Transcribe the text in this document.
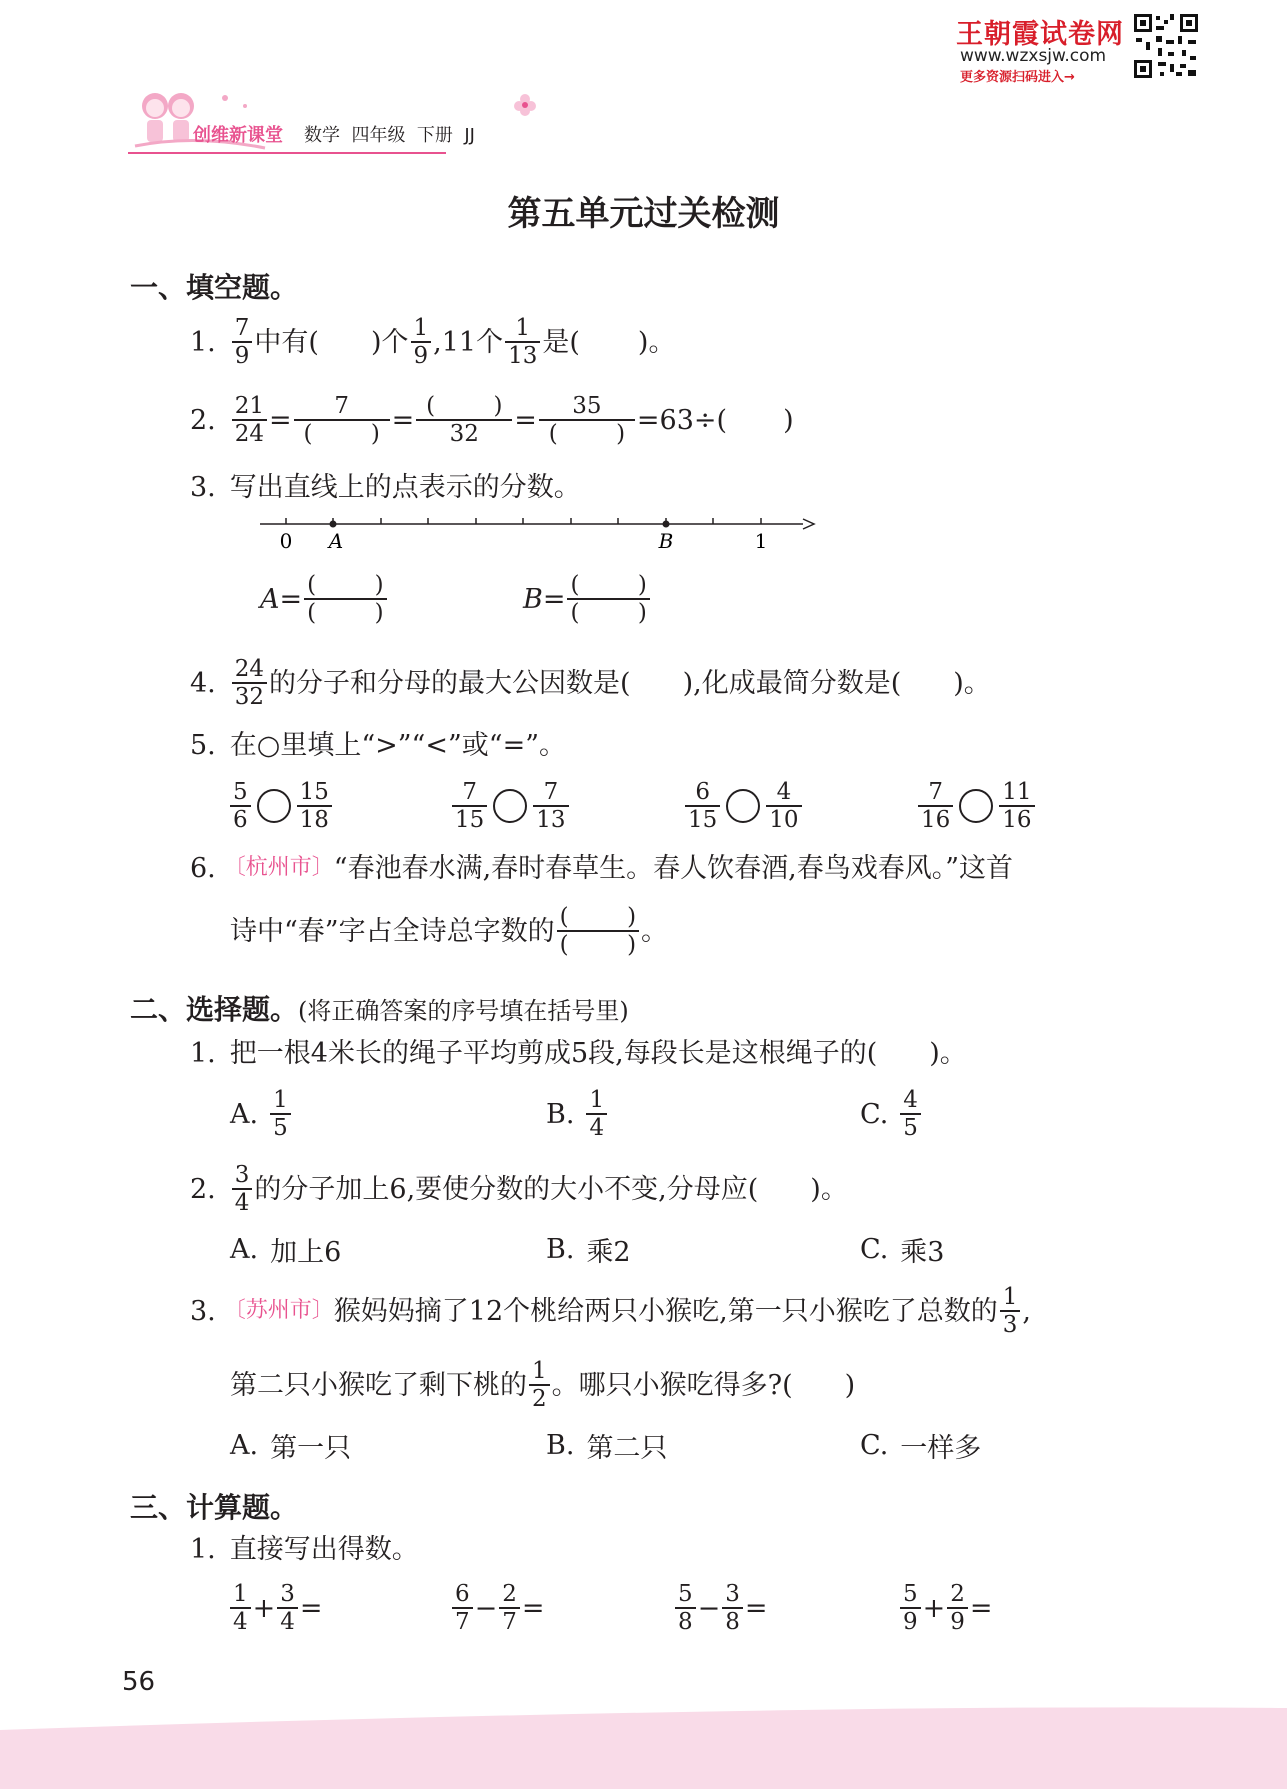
王朝霞试卷网
www.wzxsjw.com
更多资源扫码进入→
创维新课堂 数学  四年级  下册  JJ
第五单元过关检测
一、填空题。
1. $\frac{7}{9}$ 中有( )个 $\frac{1}{9} ,11$个 $\frac{1}{13}$ 是( )。
2. $\frac{21}{24} = \frac{7}{( )} = \frac{( )}{32} = \frac{35}{( )} =63\div$( )
3. 写出直线上的点表示的分数。
0 A	B	1
$A= \frac{( )}{( )}$	$B= \frac{( )}{( )}$
4. $\frac{24}{32}$ 的分子和分母的最大公因数是( ),化成最简分数是( )。
5. 在○里填上“>”“<”或“=”。
$\frac{5}{6} \frac{15}{18}$	$\frac{7}{15} \frac{7}{13}$	$\frac{6}{15} \frac{4}{10}$	$\frac{7}{16} \frac{11}{16}$
6. 〔杭州市〕 “春池春水满,春时春草生。春人饮春酒,春鸟戏春风。”这首
诗中“春”字占全诗总字数的 $\frac{( )}{( )}$ 。
二、选择题。(将正确答案的序号填在括号里)
1. 把一根4米长的绳子平均剪成5段,每段长是这根绳子的( )。
A. $\frac{1}{5}$	B. $\frac{1}{4}$	C. $\frac{4}{5}$
2. $\frac{3}{4}$ 的分子加上6,要使分数的大小不变,分母应( )。
A. 加上6	B. 乘2	C. 乘3
3. 〔苏州市〕 猴妈妈摘了12个桃给两只小猴吃,第一只小猴吃了总数的 $\frac{1}{3}$ ,
第二只小猴吃了剩下桃的 $\frac{1}{2}$ 。哪只小猴吃得多?( )
A. 第一只	B. 第二只	C. 一样多
三、计算题。
1. 直接写出得数。
$\frac{1}{4} + \frac{3}{4}$ =	$\frac{6}{7} - \frac{2}{7}$ =	$\frac{5}{8} - \frac{3}{8}$ =	$\frac{5}{9} + \frac{2}{9}$ =
56
